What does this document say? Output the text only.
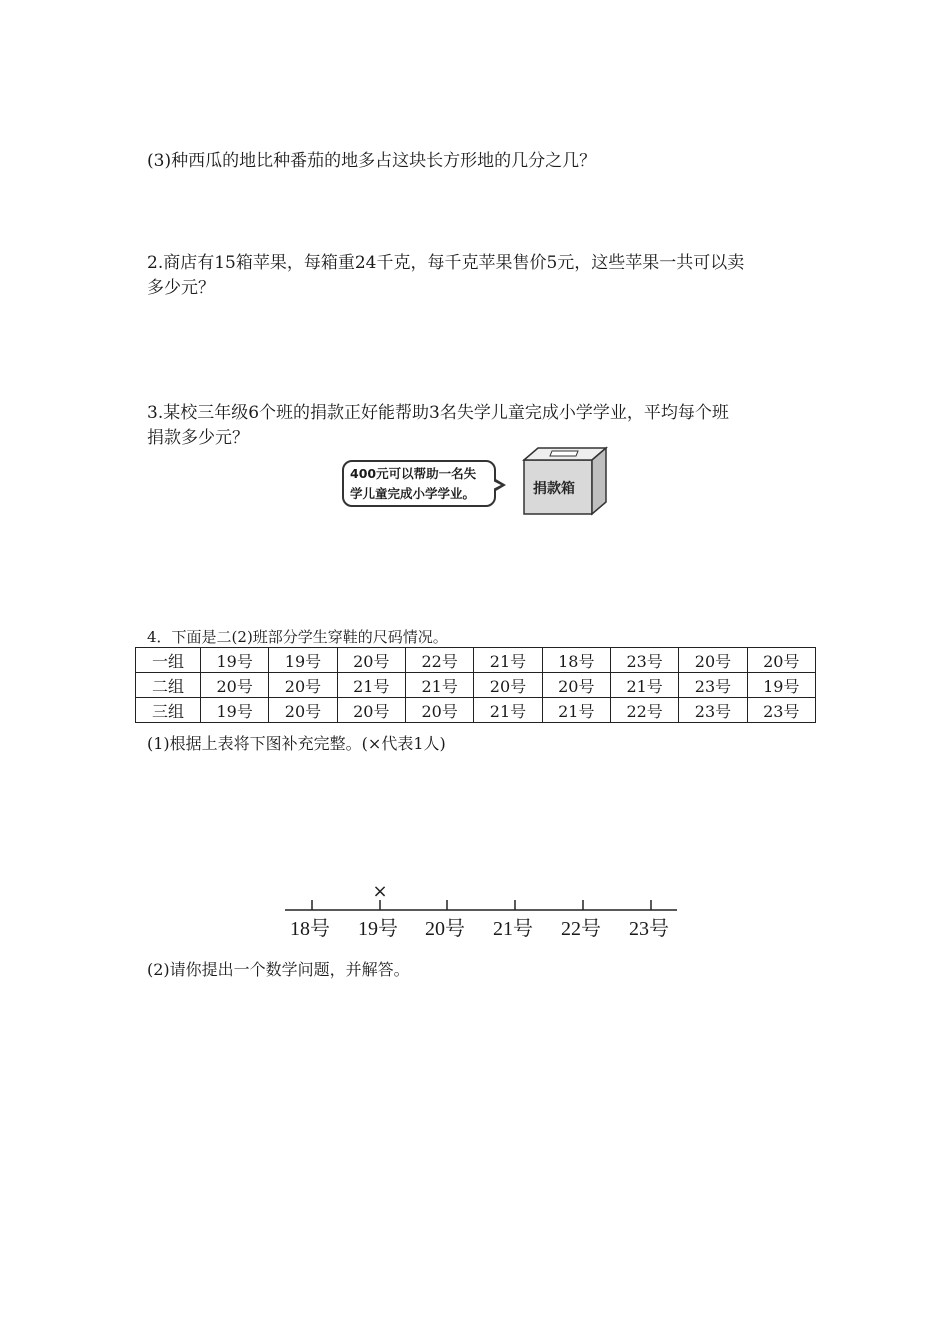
(3)种西瓜的地比种番茄的地多占这块长方形地的几分之几？
2.商店有15箱苹果，每箱重24千克，每千克苹果售价5元，这些苹果一共可以卖
多少元？
3.某校三年级6个班的捐款正好能帮助3名失学儿童完成小学学业，平均每个班
捐款多少元？
400元可以帮助一名失
学儿童完成小学学业。	捐款箱
4．下面是二(2)班部分学生穿鞋的尺码情况。
一组	19号	19号	20号	22号	21号	18号	23号	20号	20号
二组	20号	20号	21号	21号	20号	20号	21号	23号	19号
三组	19号	20号	20号	20号	21号	21号	22号	23号	23号
(1)根据上表将下图补充完整。(×代表1人)
×
18号 19号 20号 21号 22号 23号
(2)请你提出一个数学问题，并解答。
